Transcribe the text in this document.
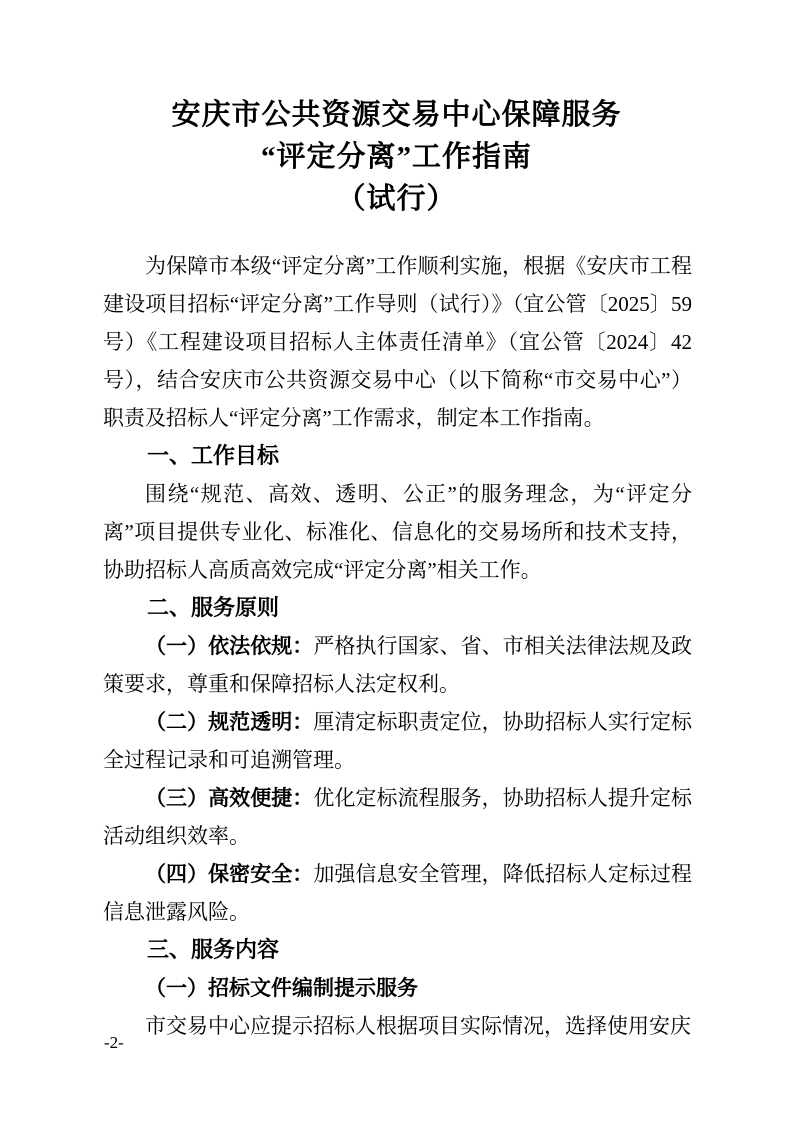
安庆市公共资源交易中心保障服务
“评定分离”工作指南
（试行）
为保障市本级“评定分离”工作顺利实施，根据《安庆市工程建设项目招标“评定分离”工作导则（试行）》（宜公管〔2025〕59 号）《工程建设项目招标人主体责任清单》（宜公管〔2024〕42 号），结合安庆市公共资源交易中心（以下简称“市交易中心”）职责及招标人“评定分离”工作需求，制定本工作指南。
一、工作目标
围绕“规范、高效、透明、公正”的服务理念，为“评定分离”项目提供专业化、标准化、信息化的交易场所和技术支持，协助招标人高质高效完成“评定分离”相关工作。
二、服务原则
（一）依法依规：严格执行国家、省、市相关法律法规及政策要求，尊重和保障招标人法定权利。
（二）规范透明：厘清定标职责定位，协助招标人实行定标全过程记录和可追溯管理。
（三）高效便捷：优化定标流程服务，协助招标人提升定标活动组织效率。
（四）保密安全：加强信息安全管理，降低招标人定标过程信息泄露风险。
三、服务内容
（一）招标文件编制提示服务
市交易中心应提示招标人根据项目实际情况，选择使用安庆
-2-
